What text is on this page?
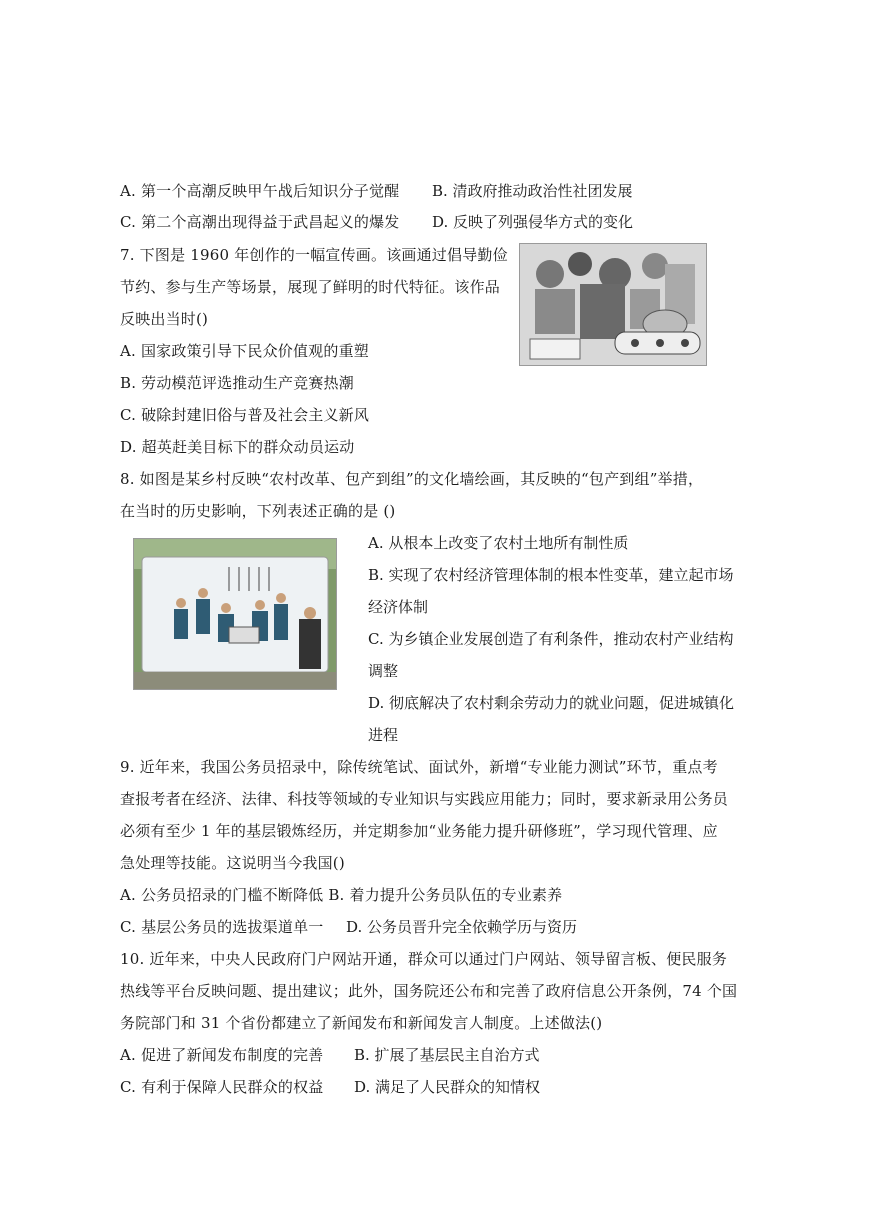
A. 第一个高潮反映甲午战后知识分子觉醒 B. 清政府推动政治性社团发展
C. 第二个高潮出现得益于武昌起义的爆发 D. 反映了列强侵华方式的变化
7. 下图是 1960 年创作的一幅宣传画。该画通过倡导勤俭
节约、参与生产等场景，展现了鲜明的时代特征。该作品
反映出当时()
A. 国家政策引导下民众价值观的重塑
B. 劳动模范评选推动生产竞赛热潮
C. 破除封建旧俗与普及社会主义新风
D. 超英赶美目标下的群众动员运动
8. 如图是某乡村反映“农村改革、包产到组”的文化墙绘画，其反映的“包产到组”举措，
在当时的历史影响，下列表述正确的是 ()
A. 从根本上改变了农村土地所有制性质
B. 实现了农村经济管理体制的根本性变革，建立起市场
经济体制
C. 为乡镇企业发展创造了有利条件，推动农村产业结构
调整
D. 彻底解决了农村剩余劳动力的就业问题，促进城镇化
进程
9. 近年来，我国公务员招录中，除传统笔试、面试外，新增“专业能力测试”环节，重点考
查报考者在经济、法律、科技等领域的专业知识与实践应用能力；同时，要求新录用公务员
必须有至少 1 年的基层锻炼经历，并定期参加“业务能力提升研修班”，学习现代管理、应
急处理等技能。这说明当今我国()
A. 公务员招录的门槛不断降低 B. 着力提升公务员队伍的专业素养
C. 基层公务员的选拔渠道单一 D. 公务员晋升完全依赖学历与资历
10. 近年来，中央人民政府门户网站开通，群众可以通过门户网站、领导留言板、便民服务
热线等平台反映问题、提出建议；此外，国务院还公布和完善了政府信息公开条例，74 个国
务院部门和 31 个省份都建立了新闻发布和新闻发言人制度。上述做法()
A. 促进了新闻发布制度的完善 B. 扩展了基层民主自治方式
C. 有利于保障人民群众的权益 D. 满足了人民群众的知情权
